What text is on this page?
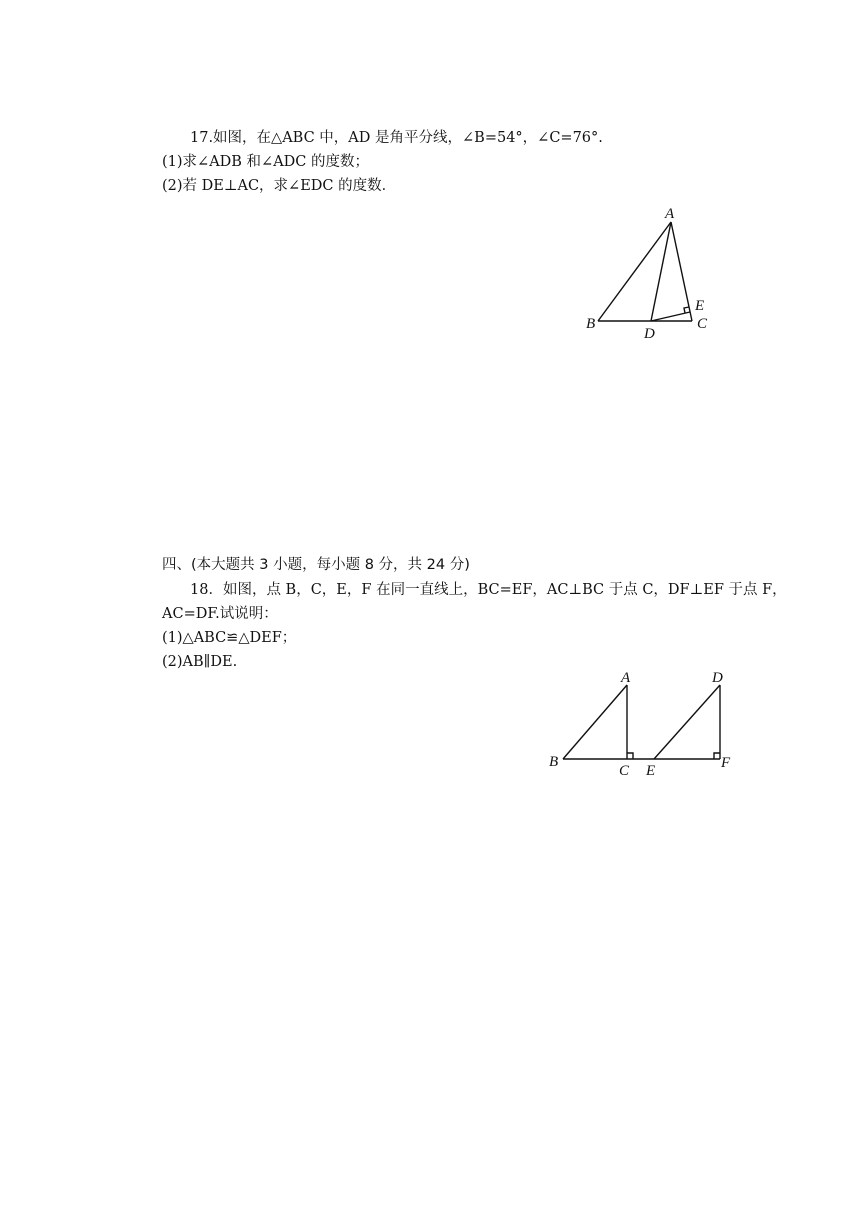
17.如图，在△ABC 中，AD 是角平分线，∠B=54°，∠C=76°.
(1)求∠ADB 和∠ADC 的度数；
(2)若 DE⊥AC，求∠EDC 的度数．
A
B	C
D
E
四、(本大题共 3 小题，每小题 8 分，共 24 分)
18．如图，点 B，C，E，F 在同一直线上，BC=EF，AC⊥BC 于点 C，DF⊥EF 于点 F，
AC=DF.试说明：
(1)△ABC≌△DEF；
(2)AB∥DE.
A
B
C
D
E	F
